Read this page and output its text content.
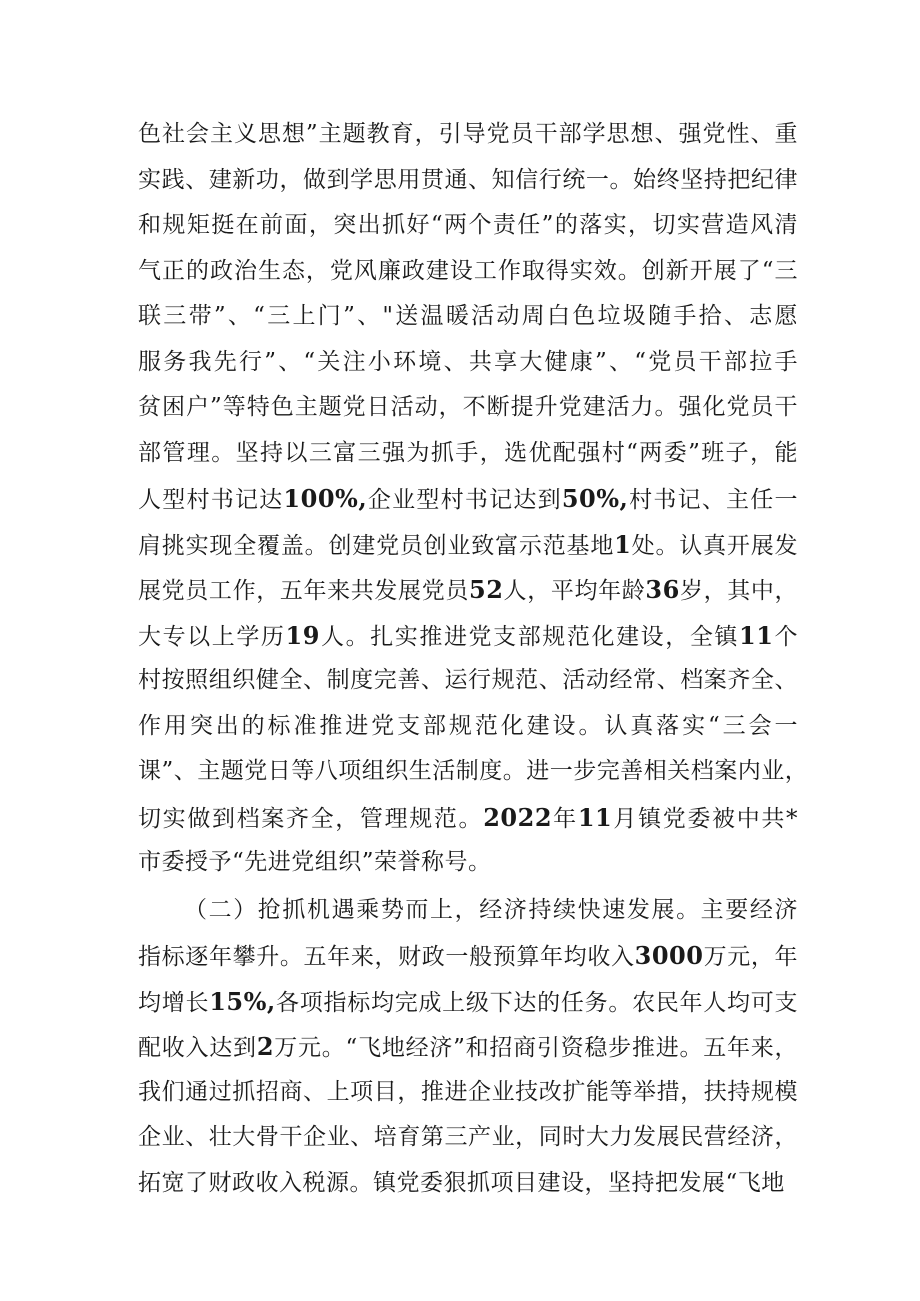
色社会主义思想”主题教育，引导党员干部学思想、强党性、重
实践、建新功，做到学思用贯通、知信行统一。始终坚持把纪律
和规矩挺在前面，突出抓好“两个责任”的落实，切实营造风清
气正的政治生态，党风廉政建设工作取得实效。创新开展了“三
联三带”、“三上门”、"送温暖活动周白色垃圾随手拾、志愿
服务我先行”、“关注小环境、共享大健康”、“党员干部拉手
贫困户”等特色主题党日活动，不断提升党建活力。强化党员干
部管理。坚持以三富三强为抓手，选优配强村“两委”班子，能
人型村书记达100%,企业型村书记达到50%,村书记、主任一
肩挑实现全覆盖。创建党员创业致富示范基地1处。认真开展发
展党员工作，五年来共发展党员52人，平均年龄36岁，其中，
大专以上学历19人。扎实推进党支部规范化建设，全镇11个
村按照组织健全、制度完善、运行规范、活动经常、档案齐全、
作用突出的标准推进党支部规范化建设。认真落实“三会一
课”、主题党日等八项组织生活制度。进一步完善相关档案内业，
切实做到档案齐全，管理规范。2022年11月镇党委被中共*
市委授予“先进党组织”荣誉称号。
（二）抢抓机遇乘势而上，经济持续快速发展。主要经济
指标逐年攀升。五年来，财政一般预算年均收入3000万元，年
均增长15%,各项指标均完成上级下达的任务。农民年人均可支
配收入达到2万元。“飞地经济”和招商引资稳步推进。五年来，
我们通过抓招商、上项目，推进企业技改扩能等举措，扶持规模
企业、壮大骨干企业、培育第三产业，同时大力发展民营经济，
拓宽了财政收入税源。镇党委狠抓项目建设，坚持把发展“飞地
